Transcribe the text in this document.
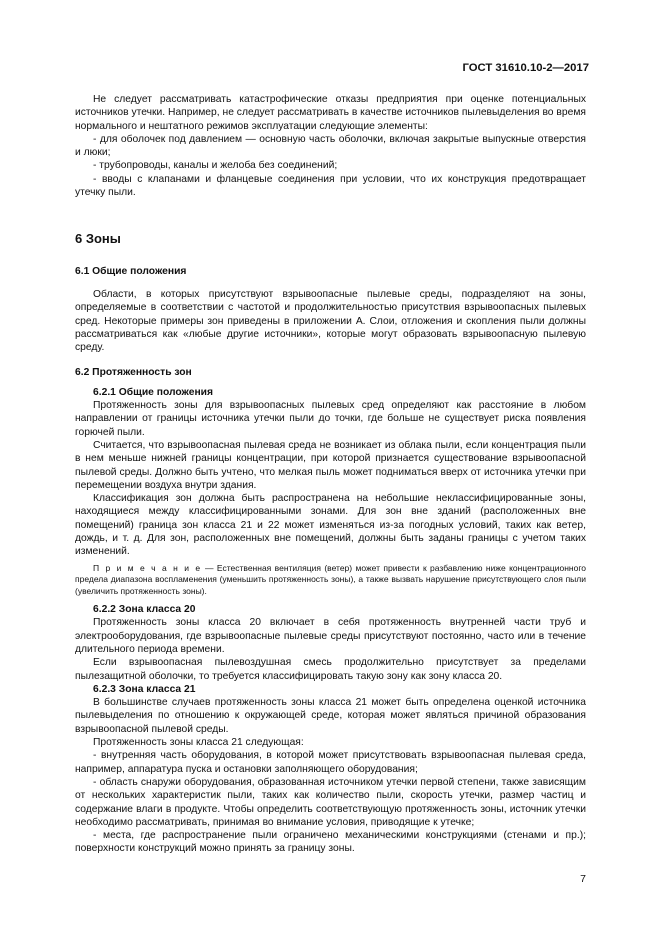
ГОСТ 31610.10-2—2017

Не следует рассматривать катастрофические отказы предприятия при оценке потенциальных источников утечки. Например, не следует рассматривать в качестве источников пылевыделения во время нормального и нештатного режимов эксплуатации следующие элементы:

- для оболочек под давлением — основную часть оболочки, включая закрытые выпускные отверстия и люки;

- трубопроводы, каналы и желоба без соединений;

- вводы с клапанами и фланцевые соединения при условии, что их конструкция предотвращает утечку пыли.

6 Зоны

6.1 Общие положения

Области, в которых присутствуют взрывоопасные пылевые среды, подразделяют на зоны, определяемые в соответствии с частотой и продолжительностью присутствия взрывоопасных пылевых сред. Некоторые примеры зон приведены в приложении А. Слои, отложения и скопления пыли должны рассматриваться как «любые другие источники», которые могут образовать взрывоопасную пылевую среду.

6.2 Протяженность зон

6.2.1 Общие положения

Протяженность зоны для взрывоопасных пылевых сред определяют как расстояние в любом направлении от границы источника утечки пыли до точки, где больше не существует риска появления горючей пыли.

Считается, что взрывоопасная пылевая среда не возникает из облака пыли, если концентрация пыли в нем меньше нижней границы концентрации, при которой признается существование взрывоопасной пылевой среды. Должно быть учтено, что мелкая пыль может подниматься вверх от источника утечки при перемещении воздуха внутри здания.

Классификация зон должна быть распространена на небольшие неклассифицированные зоны, находящиеся между классифицированными зонами. Для зон вне зданий (расположенных вне помещений) граница зон класса 21 и 22 может изменяться из-за погодных условий, таких как ветер, дождь, и т. д. Для зон, расположенных вне помещений, должны быть заданы границы с учетом таких изменений.

П р и м е ч а н и е — Естественная вентиляция (ветер) может привести к разбавлению ниже концентрационного предела диапазона воспламенения (уменьшить протяженность зоны), а также вызвать нарушение присутствующего слоя пыли (увеличить протяженность зоны).

6.2.2 Зона класса 20

Протяженность зоны класса 20 включает в себя протяженность внутренней части труб и электрооборудования, где взрывоопасные пылевые среды присутствуют постоянно, часто или в течение длительного периода времени.

Если взрывоопасная пылевоздушная смесь продолжительно присутствует за пределами пылезащитной оболочки, то требуется классифицировать такую зону как зону класса 20.

6.2.3 Зона класса 21

В большинстве случаев протяженность зоны класса 21 может быть определена оценкой источника пылевыделения по отношению к окружающей среде, которая может являться причиной образования взрывоопасной пылевой среды.

Протяженность зоны класса 21 следующая:

- внутренняя часть оборудования, в которой может присутствовать взрывоопасная пылевая среда, например, аппаратура пуска и остановки заполняющего оборудования;

- область снаружи оборудования, образованная источником утечки первой степени, также зависящим от нескольких характеристик пыли, таких как количество пыли, скорость утечки, размер частиц и содержание влаги в продукте. Чтобы определить соответствующую протяженность зоны, источник утечки необходимо рассматривать, принимая во внимание условия, приводящие к утечке;

- места, где распространение пыли ограничено механическими конструкциями (стенами и пр.); поверхности конструкций можно принять за границу зоны.

7
